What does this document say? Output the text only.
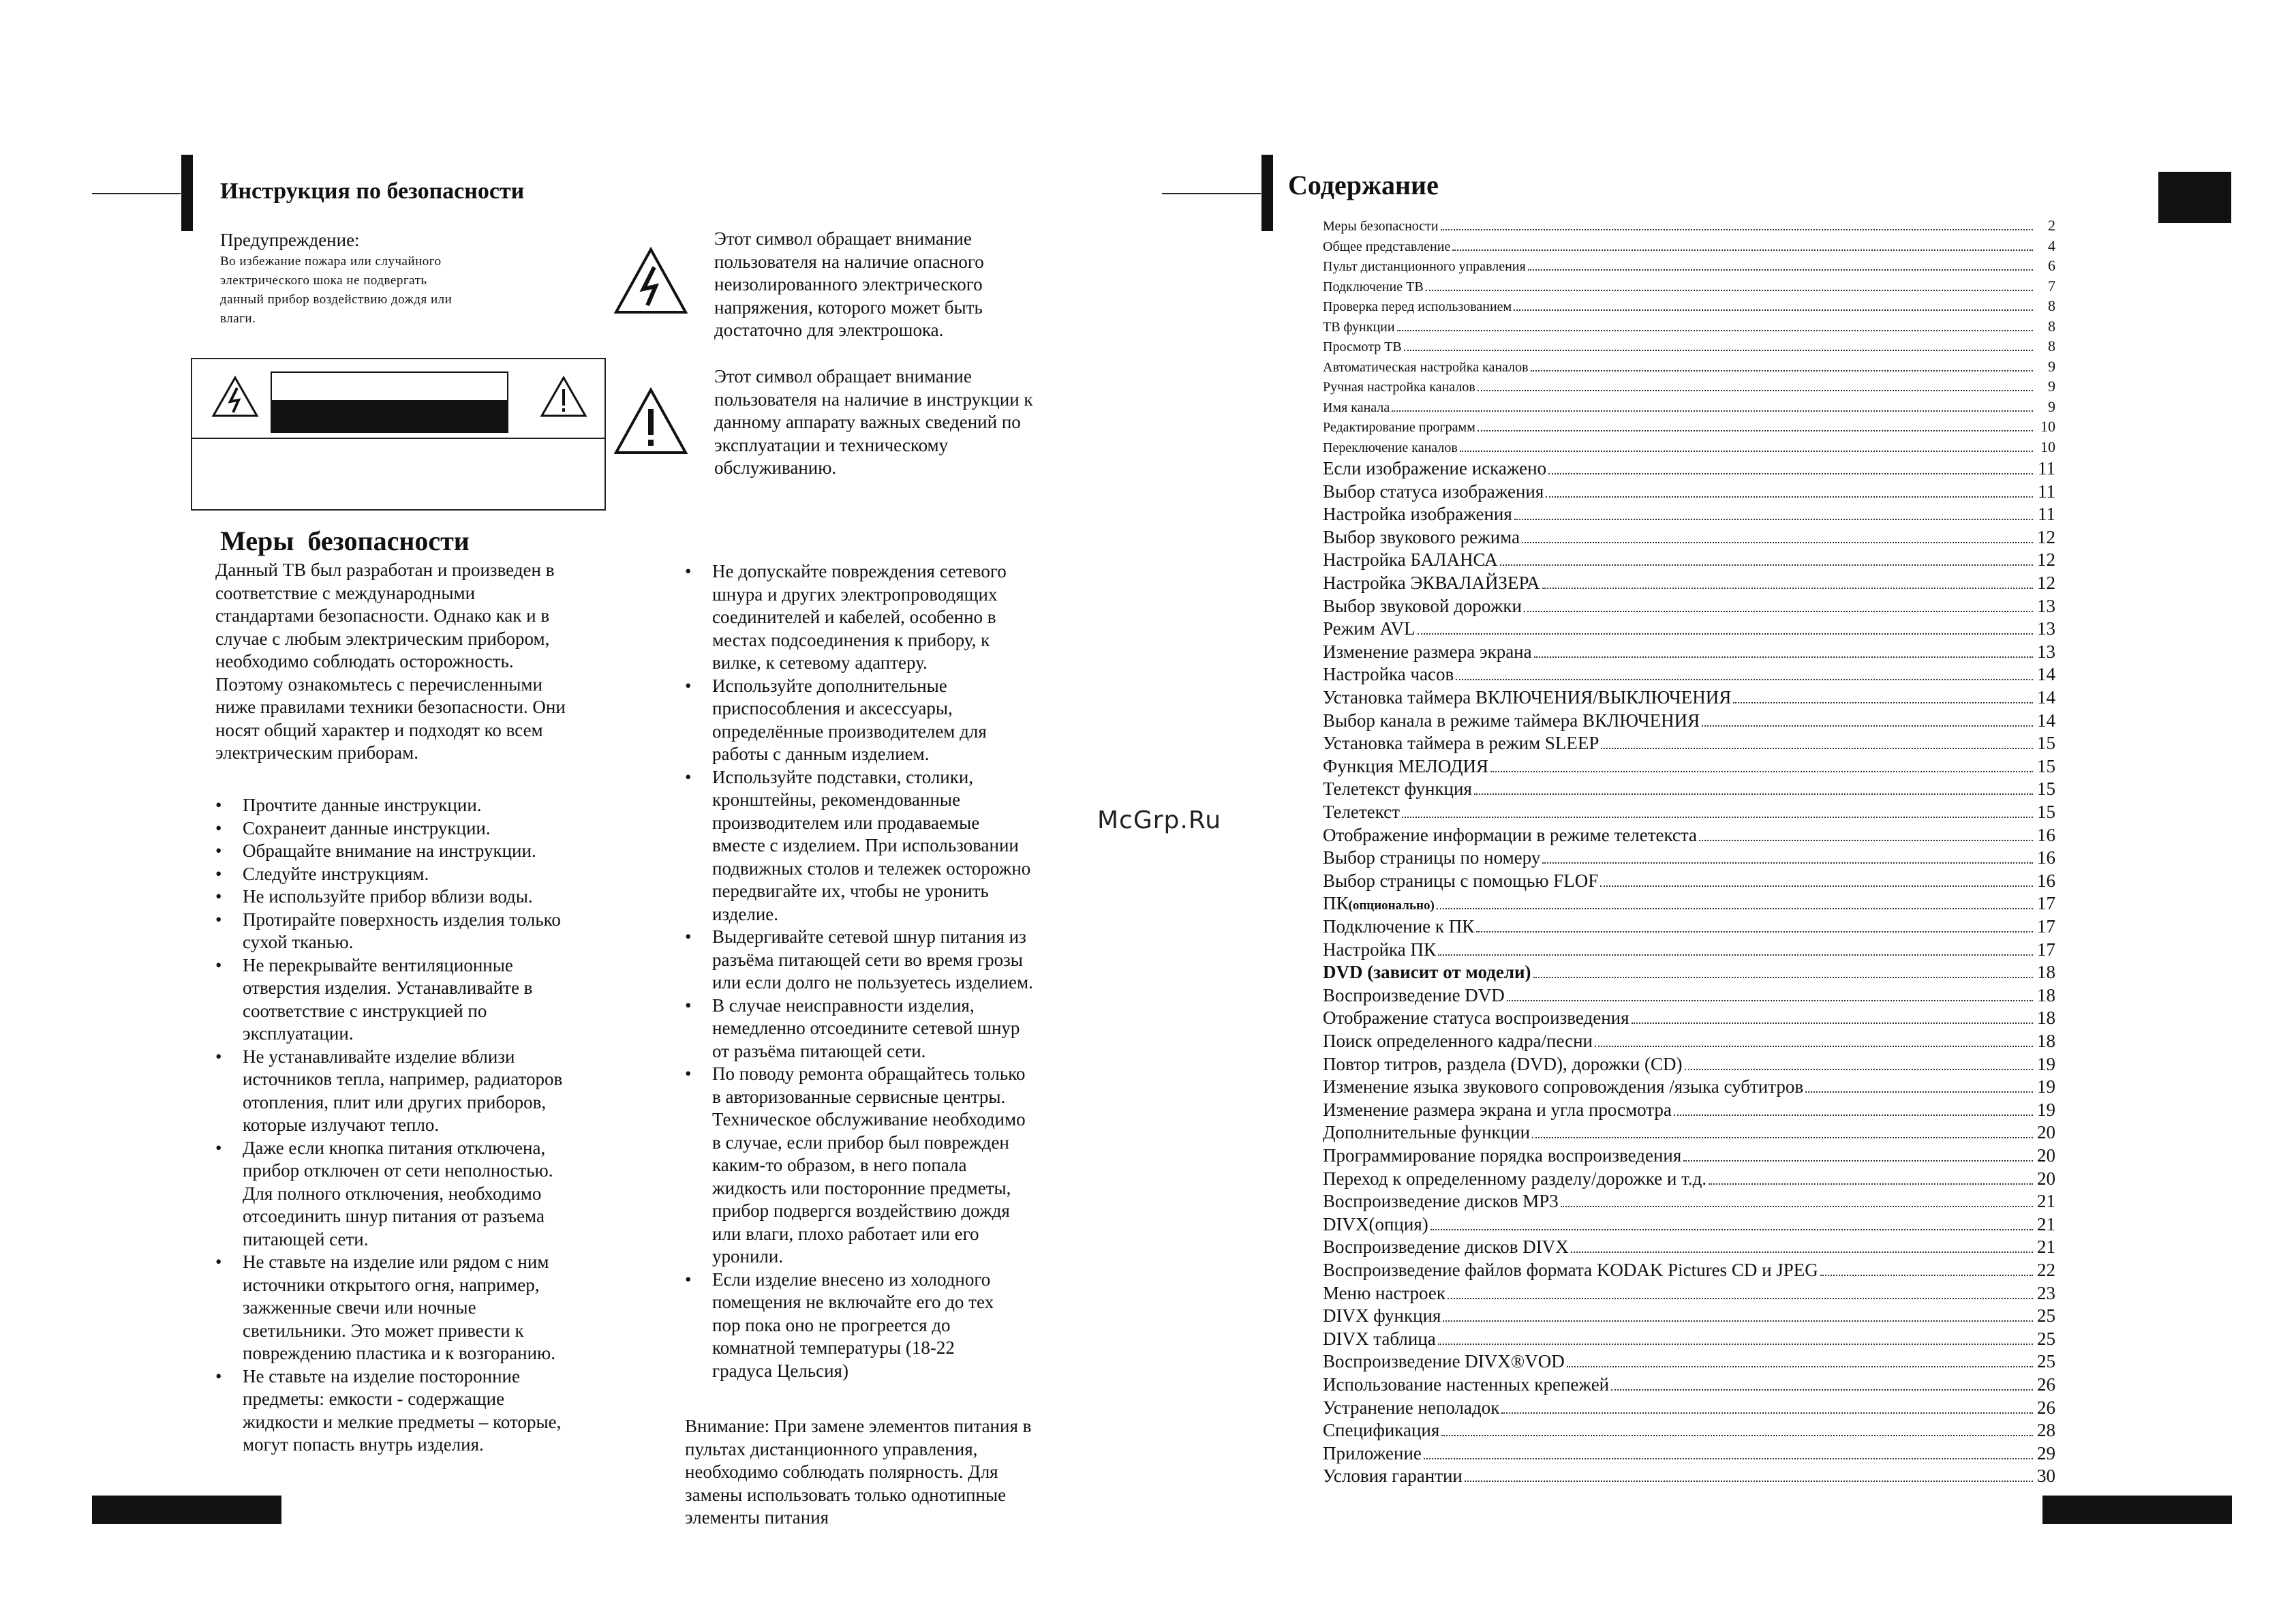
Инструкция по безопасности
Предупреждение:
Во избежание пожара или случайного
электрического шока не подвергать
данный прибор воздействию дождя или
влаги.
Этот символ обращает внимание
пользователя на наличие опасного
неизолированного электрического
напряжения, которого может быть
достаточно для электрошока.
Этот символ обращает внимание
пользователя на наличие в инструкции к
данному аппарату важных сведений по
эксплуатации и техническому
обслуживанию.
Меры  безопасности
Данный ТВ был разработан и произведен в
соответствие с международными
стандартами безопасности. Однако как и в
случае с любым электрическим прибором,
необходимо соблюдать осторожность.
Поэтому ознакомьтесь с перечисленными
ниже правилами техники безопасности. Они
носят общий характер и подходят ко всем
электрическим приборам.
• Прочтите данные инструкции.
• Сохранеит данные инструкции.
• Обращайте внимание на инструкции.
• Следуйте инструкциям.
• Не используйте прибор вблизи воды.
• Протирайте поверхность изделия только
сухой тканью.
• Не перекрывайте вентиляционные
отверстия изделия. Устанавливайте в
соответствие с инструкцией по
эксплуатации.
• Не устанавливайте изделие вблизи
источников тепла, например, радиаторов
отопления, плит или других приборов,
которые излучают тепло.
• Даже если кнопка питания отключена,
прибор отключен от сети неполностью.
Для полного отключения, необходимо
отсоединить шнур питания от разъема
питающей сети.
• Не ставьте на изделие или рядом с ним
источники открытого огня, например,
зажженные свечи или ночные
светильники. Это может привести к
повреждению пластика и к возгоранию.
• Не ставьте на изделие посторонние
предметы: емкости - содержащие
жидкости и мелкие предметы – которые,
могут попасть внутрь изделия.
• Не допускайте повреждения сетевого
шнура и других электропроводящих
соединителей и кабелей, особенно в
местах подсоединения к прибору, к
вилке, к сетевому адаптеру.
• Используйте дополнительные
приспособления и аксессуары,
определённые производителем для
работы с данным изделием.
• Используйте подставки, столики,
кронштейны, рекомендованные
производителем или продаваемые
вместе с изделием. При использовании
подвижных столов и тележек осторожно
передвигайте их, чтобы не уронить
изделие.
• Выдергивайте сетевой шнур питания из
разъёма питающей сети во время грозы
или если долго не пользуетесь изделием.
• В случае неисправности изделия,
немедленно отсоедините сетевой шнур
от разъёма питающей сети.
• По поводу ремонта обращайтесь только
в авторизованные сервисные центры.
Техническое обслуживание необходимо
в случае, если прибор был поврежден
каким-то образом, в него попала
жидкость или посторонние предметы,
прибор подвергся воздействию дождя
или влаги, плохо работает или его
уронили.
• Если изделие внесено из холодного
помещения не включайте его до тех
пор пока оно не прогреется до
комнатной температуры (18-22
градуса Цельсия)
Внимание: При замене элементов питания в
пультах дистанционного управления,
необходимо соблюдать полярность. Для
замены использовать только однотипные
элементы питания
McGrp.Ru
Содержание
Меры безопасности	2
Общее представление	4
Пульт дистанционного управления	6
Подключение ТВ	7
Проверка перед использованием	8
ТВ функции	8
Просмотр ТВ	8
Автоматическая настройка каналов	9
Ручная настройка каналов	9
Имя канала	9
Редактирование программ	10
Переключение каналов	10
Если изображение искажено	11
Выбор статуса изображения	11
Настройка изображения	11
Выбор звукового режима	12
Настройка БАЛАНСА	12
Настройка ЭКВАЛАЙЗЕРА	12
Выбор звуковой дорожки	13
Режим AVL	13
Изменение размера экрана	13
Настройка часов	14
Установка таймера ВКЛЮЧЕНИЯ/ВЫКЛЮЧЕНИЯ	14
Выбор канала в режиме таймера ВКЛЮЧЕНИЯ	14
Установка таймера в режим SLEEP	15
Функция МЕЛОДИЯ	15
Телетекст функция	15
Телетекст	15
Отображение информации в режиме телетекста	16
Выбор страницы по номеру	16
Выбор страницы с помощью FLOF	16
ПК (опционально)	17
Подключение к ПК	17
Настройка ПК	17
DVD (зависит от модели)	18
Воспроизведение DVD	18
Отображение статуса воспроизведения	18
Поиск определенного кадра/песни	18
Повтор титров, раздела (DVD), дорожки (CD)	19
Изменение языка звукового сопровождения /языка субтитров	19
Изменение размера экрана и угла просмотра	19
Дополнительные функции	20
Программирование порядка воспроизведения	20
Переход к определенному разделу/дорожке и т.д.	20
Воспроизведение дисков MP3	21
DIVX(опция)	21
Воспроизведение дисков DIVX	21
Воспроизведение файлов формата KODAK Pictures CD и JPEG	22
Меню настроек	23
DIVX функция	25
DIVX таблица	25
Воспроизведение DIVX®VOD	25
Использование настенных крепежей	26
Устранение неполадок	26
Спецификация	28
Приложение	29
Условия гарантии	30
